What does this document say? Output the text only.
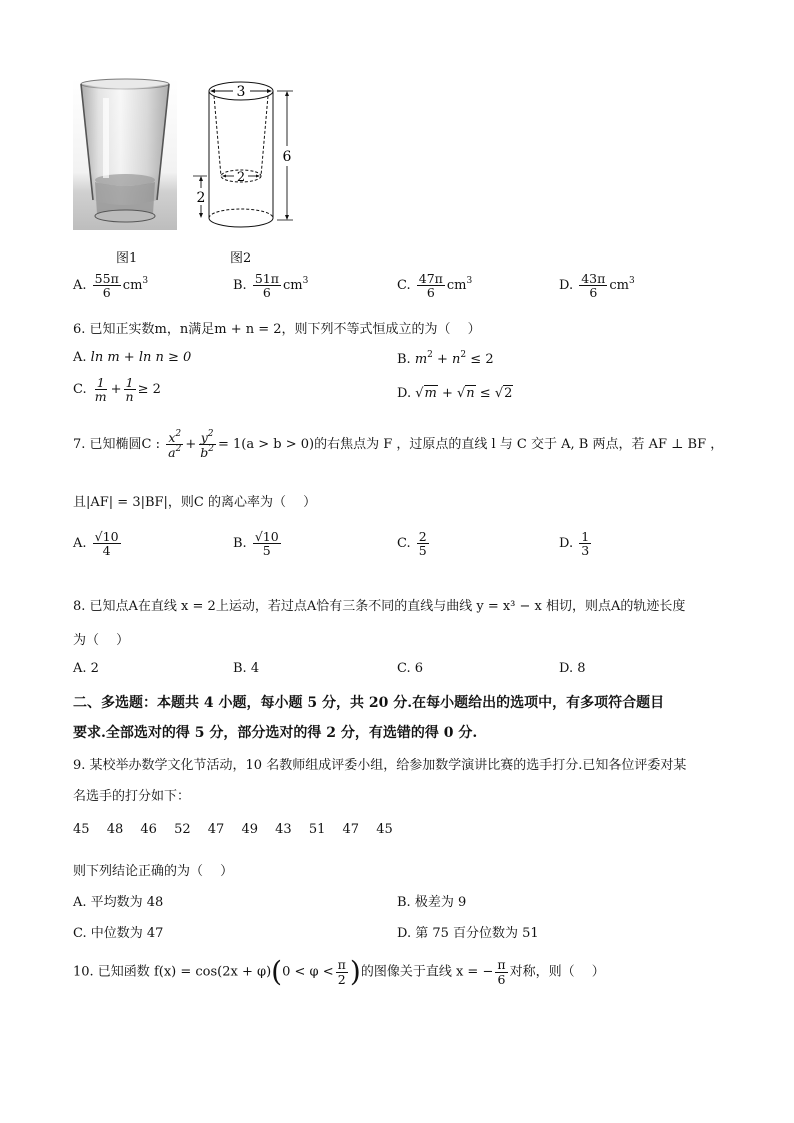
3
2
6
2
图1	图2
A. $\frac{55\pi}{6} cm^3$	B. $\frac{51\pi}{6} cm^3$	C. $\frac{47\pi}{6} cm^3$	D. $\frac{43\pi}{6} cm^3$
6. 已知正实数m，n满足m + n = 2，则下列不等式恒成立的为（　 ）
A. ln m + ln n ≥ 0	B. $m^2 + n^2 \le 2$
C. $\frac{1}{m} + \frac{1}{n} \ge 2$	D. √m + √n ≤ √2
7. 已知椭圆C : $\frac{x^2}{a^2} + \frac{y^2}{b^2} = 1(a > b > 0)$的右焦点为 F ，过原点的直线 l 与 C 交于 A, B 两点，若 AF ⊥ BF ，
且|AF| = 3|BF|，则C 的离心率为（　 ）
A. $\frac{√10}{4}$	B. $\frac{√10}{5}$	C. $\frac{2}{5}$	D. $\frac{1}{3}$
8. 已知点A在直线 x = 2上运动，若过点A恰有三条不同的直线与曲线 y = x³ − x 相切，则点A的轨迹长度
为（　 ）
A. 2	B. 4	C. 6	D. 8
二、多选题：本题共 4 小题，每小题 5 分，共 20 分.在每小题给出的选项中，有多项符合题目
要求.全部选对的得 5 分，部分选对的得 2 分，有选错的得 0 分.
9. 某校举办数学文化节活动，10 名教师组成评委小组，给参加数学演讲比赛的选手打分.已知各位评委对某
名选手的打分如下：
45 48 46 52 47 49 43 51 47 45
则下列结论正确的为（　 ）
A. 平均数为 48	B. 极差为 9
C. 中位数为 47	D. 第 75 百分位数为 51
10. 已知函数 $f(x) = \cos(2x + \varphi)(0 < \varphi < \frac{\pi}{2}$ )的图像关于直线 x = − $\frac{\pi}{6}$ 对称，则（　 ）
